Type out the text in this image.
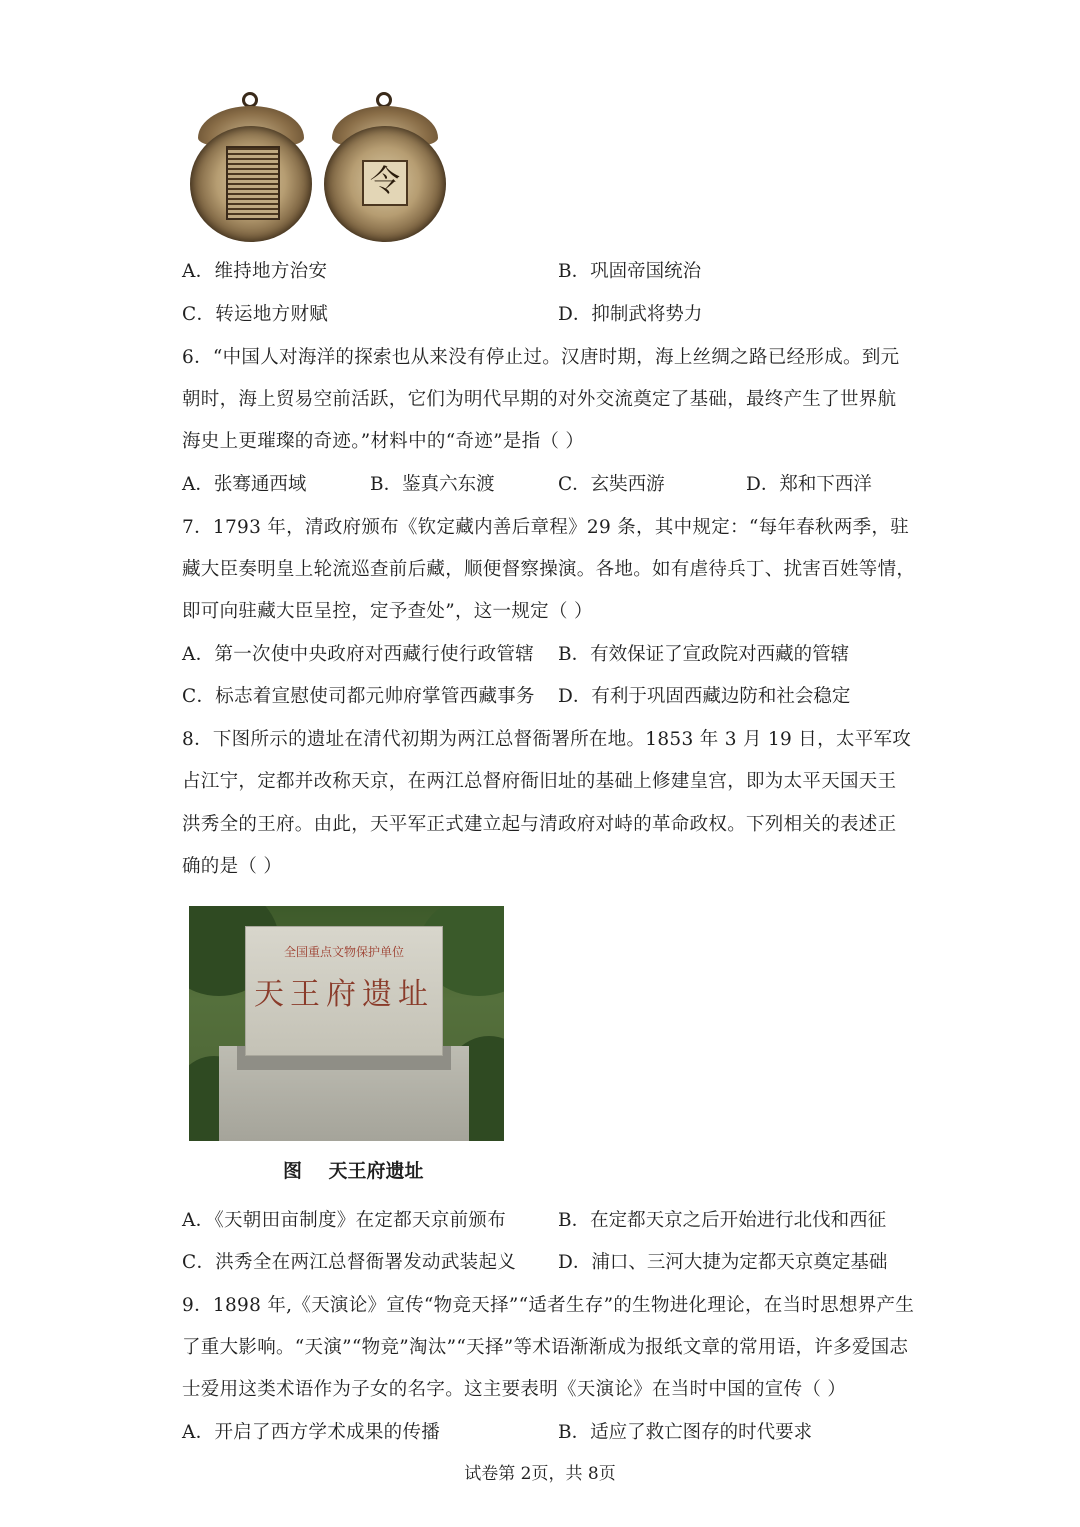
令
A．维持地方治安	B．巩固帝国统治
C．转运地方财赋	D．抑制武将势力
6．“中国人对海洋的探索也从来没有停止过。汉唐时期，海上丝绸之路已经形成。到元
朝时，海上贸易空前活跃，它们为明代早期的对外交流奠定了基础，最终产生了世界航
海史上更璀璨的奇迹。”材料中的“奇迹”是指（ ）
A．张骞通西域	B．鉴真六东渡	C．玄奘西游	D．郑和下西洋
7．1793 年，清政府颁布《钦定藏内善后章程》29 条，其中规定：“每年春秋两季，驻
藏大臣奏明皇上轮流巡查前后藏，顺便督察操演。各地。如有虐待兵丁、扰害百姓等情，
即可向驻藏大臣呈控，定予查处”，这一规定（ ）
A．第一次使中央政府对西藏行使行政管辖 B．有效保证了宣政院对西藏的管辖
C．标志着宣慰使司都元帅府掌管西藏事务 D．有利于巩固西藏边防和社会稳定
8．下图所示的遗址在清代初期为两江总督衙署所在地。1853 年 3 月 19 日，太平军攻
占江宁，定都并改称天京，在两江总督府衙旧址的基础上修建皇宫，即为太平天国天王
洪秀全的王府。由此，天平军正式建立起与清政府对峙的革命政权。下列相关的表述正
确的是（ ）
全国重点文物保护单位
天王府遗址
图    天王府遗址
A．《天朝田亩制度》在定都天京前颁布	B．在定都天京之后开始进行北伐和西征
C．洪秀全在两江总督衙署发动武装起义 D．浦口、三河大捷为定都天京奠定基础
9．1898 年,《天演论》宣传“物竞天择”“适者生存”的生物进化理论，在当时思想界产生
了重大影响。“天演”“物竞”淘汰”“天择”等术语渐渐成为报纸文章的常用语，许多爱国志
士爱用这类术语作为子女的名字。这主要表明《天演论》在当时中国的宣传（ ）
A．开启了西方学术成果的传播	B．适应了救亡图存的时代要求
试卷第 2页，共 8页
